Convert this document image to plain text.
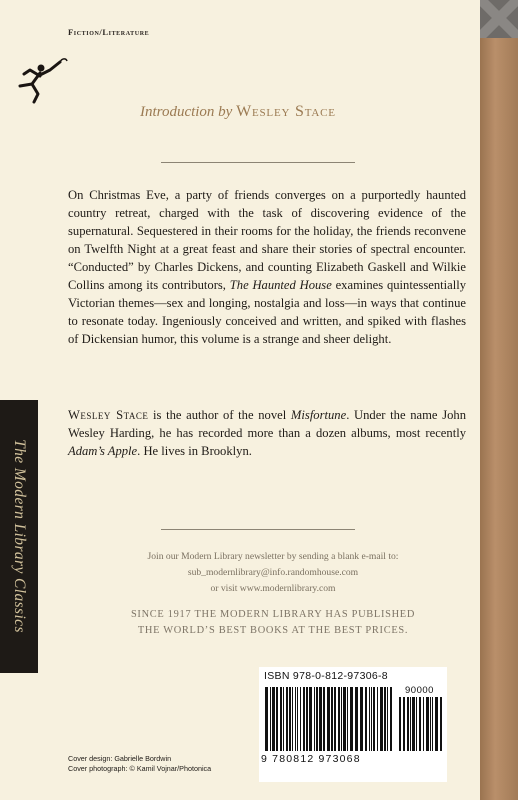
Fiction/Literature
Introduction by Wesley Stace

On Christmas Eve, a party of friends converges on a purportedly haunted country retreat, charged with the task of discovering evidence of the supernatural. Sequestered in their rooms for the holiday, the friends reconvene on Twelfth Night at a great feast and share their stories of spectral encounter. “Conducted” by Charles Dickens, and counting Elizabeth Gaskell and Wilkie Collins among its contributors, The Haunted House examines quintessentially Victorian themes—sex and longing, nostalgia and loss—in ways that continue to resonate today. Ingeniously conceived and written, and spiked with flashes of Dickensian humor, this volume is a strange and sheer delight.

Wesley Stace is the author of the novel Misfortune. Under the name John Wesley Harding, he has recorded more than a dozen albums, most recently Adam’s Apple. He lives in Brooklyn.

The Modern Library Classics	Join our Modern Library newsletter by sending a blank e-mail to:
sub_modernlibrary@info.randomhouse.com
or visit www.modernlibrary.com
SINCE 1917 THE MODERN LIBRARY HAS PUBLISHED
THE WORLD’S BEST BOOKS AT THE BEST PRICES.
Cover design: Gabrielle Bordwin
Cover photograph: © Kamil Vojnar/Photonica
ISBN 978-0-812-97306-8
90000
9 780812 973068
